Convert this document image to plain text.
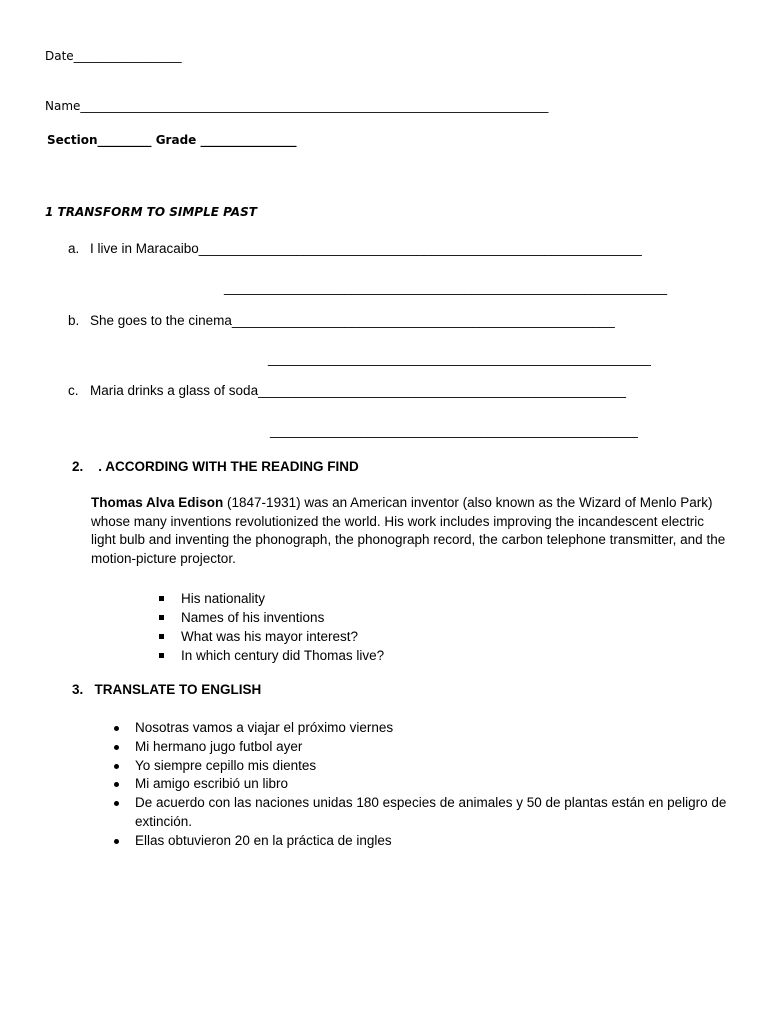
Date__________________
Name______________________________________________________________________________
Section_________ Grade ________________
1 TRANSFORM TO SIMPLE PAST
a. I live in Maracaibo___________________________________________________________
___________________________________________________________
b. She goes to the cinema___________________________________________________
___________________________________________________
c. Maria drinks a glass of soda_________________________________________________
_________________________________________________
2.    . ACCORDING WITH THE READING FIND
Thomas Alva Edison (1847-1931) was an American inventor (also known as the Wizard of Menlo Park) whose many inventions revolutionized the world. His work includes improving the incandescent electric light bulb and inventing the phonograph, the phonograph record, the carbon telephone transmitter, and the motion-picture projector.
His nationality
Names of his inventions
What was his mayor interest?
In which century did Thomas live?
3.   TRANSLATE TO ENGLISH
Nosotras vamos a viajar el próximo viernes
Mi hermano jugo futbol ayer
Yo siempre cepillo mis dientes
Mi amigo escribió un libro
De acuerdo con las naciones unidas 180 especies de animales y 50 de plantas están en peligro de extinción.
Ellas obtuvieron 20 en la práctica de ingles
